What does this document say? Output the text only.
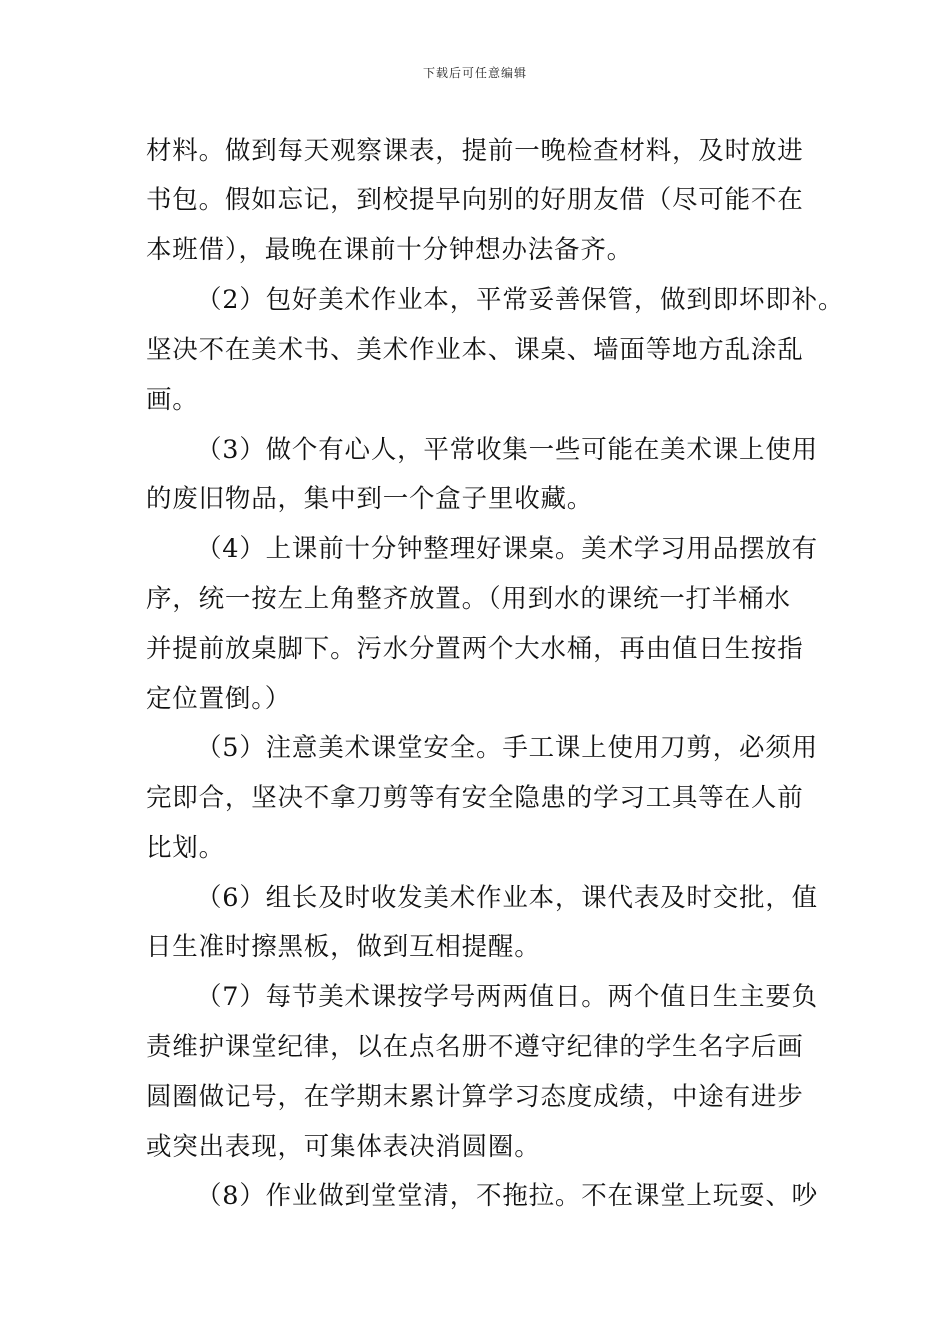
下载后可任意编辑
材料。做到每天观察课表，提前一晚检查材料，及时放进
书包。假如忘记，到校提早向别的好朋友借（尽可能不在
本班借），最晚在课前十分钟想办法备齐。
（2）包好美术作业本，平常妥善保管，做到即坏即补。
坚决不在美术书、美术作业本、课桌、墙面等地方乱涂乱
画。
（3）做个有心人，平常收集一些可能在美术课上使用
的废旧物品，集中到一个盒子里收藏。
（4）上课前十分钟整理好课桌。美术学习用品摆放有
序，统一按左上角整齐放置。（用到水的课统一打半桶水
并提前放桌脚下。污水分置两个大水桶，再由值日生按指
定位置倒。）
（5）注意美术课堂安全。手工课上使用刀剪，必须用
完即合，坚决不拿刀剪等有安全隐患的学习工具等在人前
比划。
（6）组长及时收发美术作业本，课代表及时交批，值
日生准时擦黑板，做到互相提醒。
（7）每节美术课按学号两两值日。两个值日生主要负
责维护课堂纪律，以在点名册不遵守纪律的学生名字后画
圆圈做记号，在学期末累计算学习态度成绩，中途有进步
或突出表现，可集体表决消圆圈。
（8）作业做到堂堂清，不拖拉。不在课堂上玩耍、吵
